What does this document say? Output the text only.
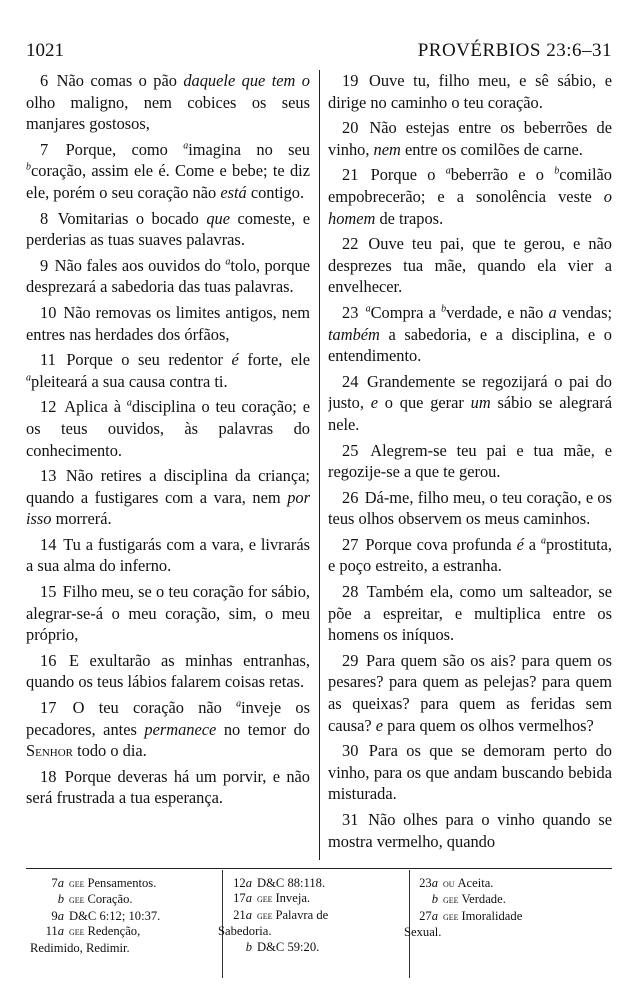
1021	PROVÉRBIOS 23:6–31

6 Não comas o pão daquele que tem o olho maligno, nem cobices os seus manjares gostosos,

7 Porque, como $^a$imagina no seu $^b$coração, assim ele é. Come e bebe; te diz ele, porém o seu coração não está contigo.

8 Vomitarias o bocado que comeste, e perderias as tuas suaves palavras.

9 Não fales aos ouvidos do $^a$tolo, porque desprezará a sabedoria das tuas palavras.

10 Não removas os limites antigos, nem entres nas herdades dos órfãos,

11 Porque o seu redentor é forte, ele $^a$pleiteará a sua causa contra ti.

12 Aplica à $^a$disciplina o teu coração; e os teus ouvidos, às palavras do conhecimento.

13 Não retires a disciplina da criança; quando a fustigares com a vara, nem por isso morrerá.

14 Tu a fustigarás com a vara, e livrarás a sua alma do inferno.

15 Filho meu, se o teu coração for sábio, alegrar-se-á o meu coração, sim, o meu próprio,

16 E exultarão as minhas entranhas, quando os teus lábios falarem coisas retas.

17 O teu coração não $^a$inveje os pecadores, antes permanece no temor do Senhor todo o dia.

18 Porque deveras há um porvir, e não será frustrada a tua esperança.

19 Ouve tu, filho meu, e sê sábio, e dirige no caminho o teu coração.

20 Não estejas entre os beberrões de vinho, nem entre os comilões de carne.

21 Porque o $^a$beberrão e o $^b$comilão empobrecerão; e a sonolência veste o homem de trapos.

22 Ouve teu pai, que te gerou, e não desprezes tua mãe, quando ela vier a envelhecer.

23 $^a$Compra a $^b$verdade, e não a vendas; também a sabedoria, e a disciplina, e o entendimento.

24 Grandemente se regozijará o pai do justo, e o que gerar um sábio se alegrará nele.

25 Alegrem-se teu pai e tua mãe, e regozije-se a que te gerou.

26 Dá-me, filho meu, o teu coração, e os teus olhos observem os meus caminhos.

27 Porque cova profunda é a $^a$prostituta, e poço estreito, a estranha.

28 Também ela, como um salteador, se põe a espreitar, e multiplica entre os homens os iníquos.

29 Para quem são os ais? para quem os pesares? para quem as pelejas? para quem as queixas? para quem as feridas sem causa? e para quem os olhos vermelhos?

30 Para os que se demoram perto do vinho, para os que andam buscando bebida misturada.

31 Não olhes para o vinho quando se mostra vermelho, quando

7a gee Pensamentos.
b gee Coração.
9a D&C 6:12; 10:37.
11a gee Redenção,
Redimido, Redimir.
12a D&C 88:118.
17a gee Inveja.
21a gee Palavra de
Sabedoria.
b D&C 59:20.
23a ou Aceita.
b gee Verdade.
27a gee Imoralidade
Sexual.
